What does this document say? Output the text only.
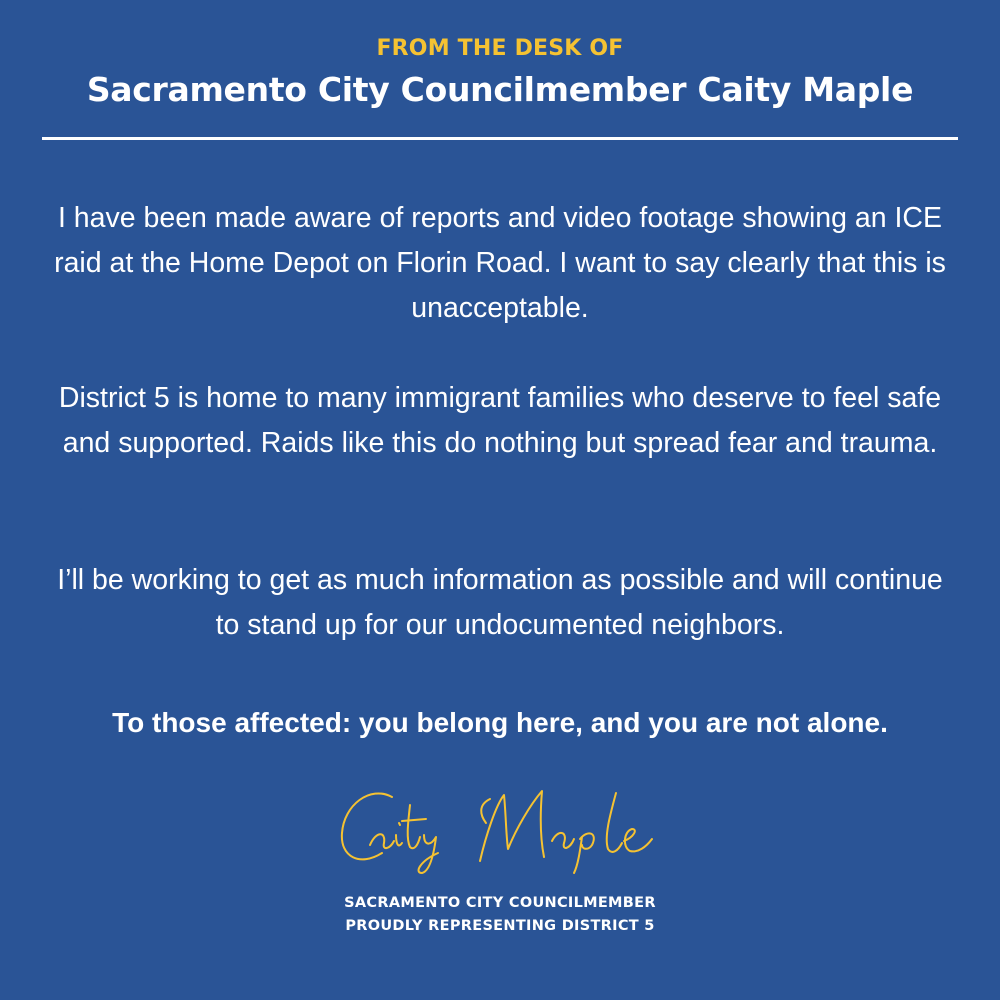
FROM THE DESK OF
Sacramento City Councilmember Caity Maple
I have been made aware of reports and video footage showing an ICE raid at the Home Depot on Florin Road. I want to say clearly that this is unacceptable.
District 5 is home to many immigrant families who deserve to feel safe and supported. Raids like this do nothing but spread fear and trauma.
I’ll be working to get as much information as possible and will continue to stand up for our undocumented neighbors.
To those affected: you belong here, and you are not alone.
SACRAMENTO CITY COUNCILMEMBER
PROUDLY REPRESENTING DISTRICT 5
